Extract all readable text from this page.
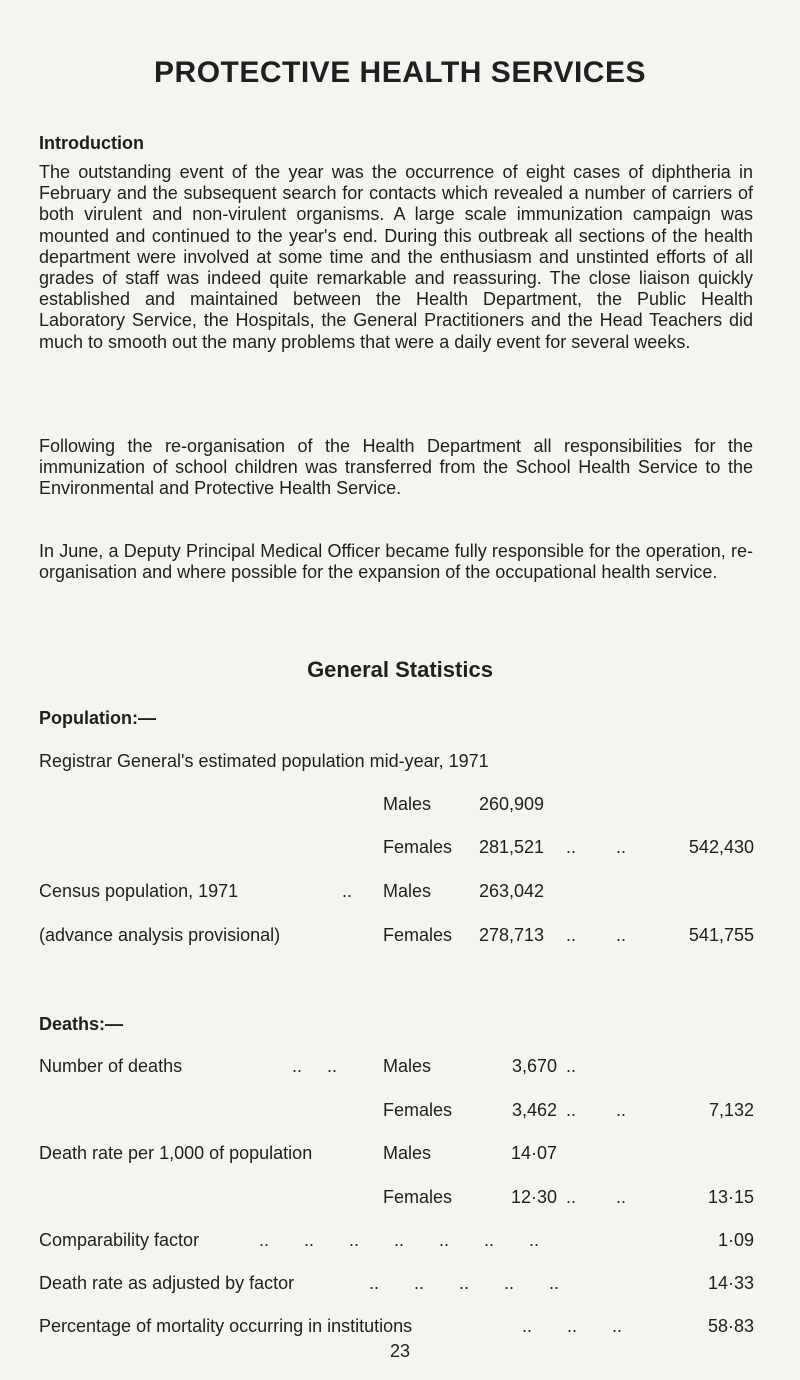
PROTECTIVE HEALTH SERVICES

Introduction

The outstanding event of the year was the occurrence of eight cases of diphtheria in February and the subsequent search for contacts which revealed a number of carriers of both virulent and non-virulent organisms. A large scale immunization campaign was mounted and continued to the year's end. During this outbreak all sections of the health department were involved at some time and the enthusiasm and unstinted efforts of all grades of staff was indeed quite remarkable and reassuring. The close liaison quickly established and maintained between the Health Department, the Public Health Laboratory Service, the Hospitals, the General Practitioners and the Head Teachers did much to smooth out the many problems that were a daily event for several weeks.

Following the re-organisation of the Health Department all responsibilities for the immunization of school children was transferred from the School Health Service to the Environmental and Protective Health Service.

In June, a Deputy Principal Medical Officer became fully responsible for the operation, re-organisation and where possible for the expansion of the occupational health service.

General Statistics

Population:—

Registrar General's estimated population mid-year, 1971

Males	260,909

Females 281,521 ..        ..	542,430

Census population, 1971	.. Males	263,042

(advance analysis provisional)	Females 278,713 ..        ..	541,755

Deaths:—

Number of deaths	..     ..	Males	3,670 ..

Females	3,462 ..        ..	7,132

Death rate per 1,000 of population	Males	14·07

Females	12·30 ..        ..	13·15

Comparability factor	..       ..       ..       ..       ..       ..       ..	1·09

Death rate as adjusted by factor	..       ..       ..       ..       ..	14·33

Percentage of mortality occurring in institutions	..       ..       ..	58·83

23
